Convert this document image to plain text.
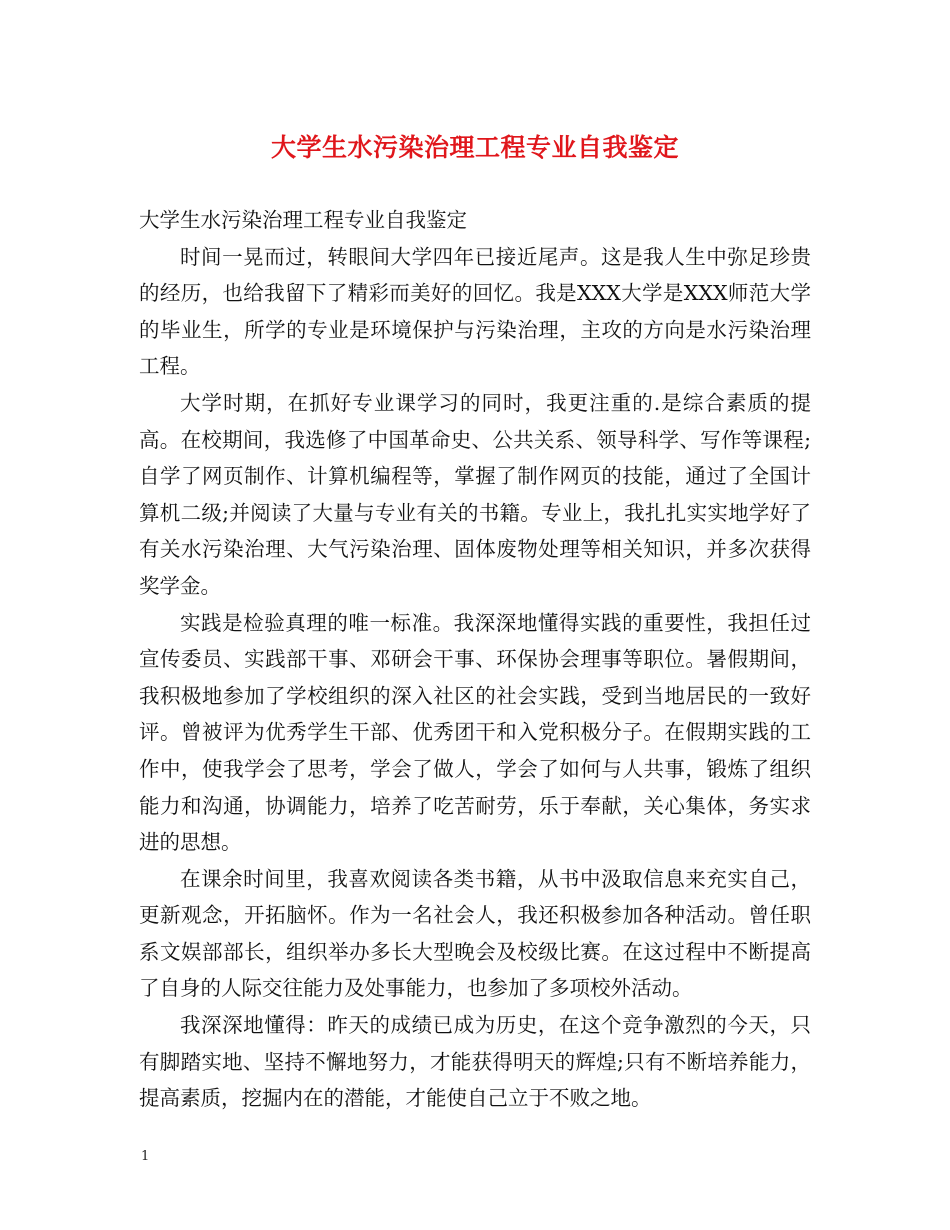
大学生水污染治理工程专业自我鉴定

大学生水污染治理工程专业自我鉴定

时间一晃而过，转眼间大学四年已接近尾声。这是我人生中弥足珍贵的经历，也给我留下了精彩而美好的回忆。我是XXX大学是XXX师范大学的毕业生，所学的专业是环境保护与污染治理，主攻的方向是水污染治理工程。

大学时期，在抓好专业课学习的同时，我更注重的.是综合素质的提高。在校期间，我选修了中国革命史、公共关系、领导科学、写作等课程;自学了网页制作、计算机编程等，掌握了制作网页的技能，通过了全国计算机二级;并阅读了大量与专业有关的书籍。专业上，我扎扎实实地学好了有关水污染治理、大气污染治理、固体废物处理等相关知识，并多次获得奖学金。

实践是检验真理的唯一标准。我深深地懂得实践的重要性，我担任过宣传委员、实践部干事、邓研会干事、环保协会理事等职位。暑假期间，我积极地参加了学校组织的深入社区的社会实践，受到当地居民的一致好评。曾被评为优秀学生干部、优秀团干和入党积极分子。在假期实践的工作中，使我学会了思考，学会了做人，学会了如何与人共事，锻炼了组织能力和沟通，协调能力，培养了吃苦耐劳，乐于奉献，关心集体，务实求进的思想。

在课余时间里，我喜欢阅读各类书籍，从书中汲取信息来充实自己，更新观念，开拓脑怀。作为一名社会人，我还积极参加各种活动。曾任职系文娱部部长，组织举办多长大型晚会及校级比赛。在这过程中不断提高了自身的人际交往能力及处事能力，也参加了多项校外活动。

我深深地懂得：昨天的成绩已成为历史，在这个竞争激烈的今天，只有脚踏实地、坚持不懈地努力，才能获得明天的辉煌;只有不断培养能力，提高素质，挖掘内在的潜能，才能使自己立于不败之地。

1
